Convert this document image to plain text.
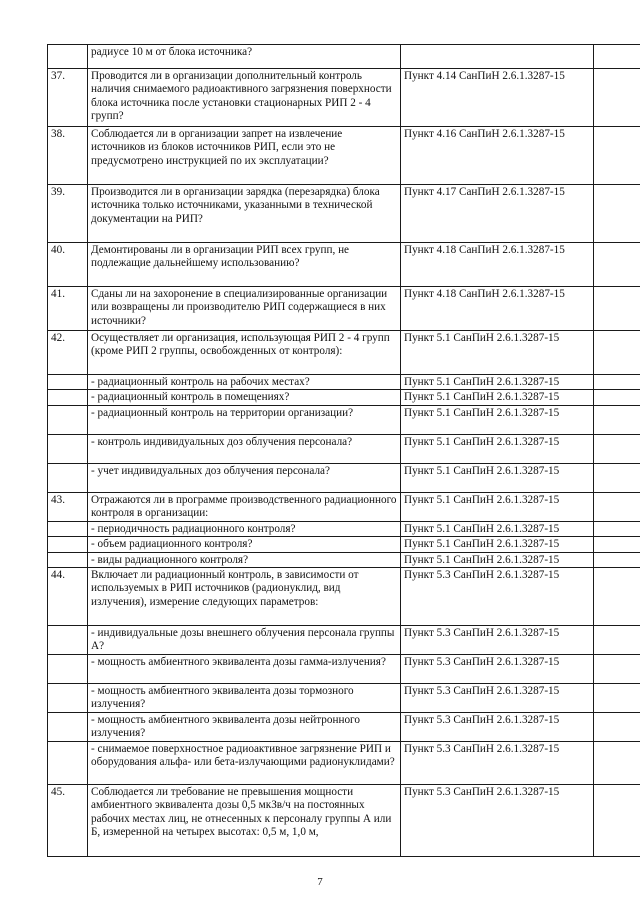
	радиусе 10 м от блока источника?		
37.	Проводится ли в организации дополнительный контроль наличия снимаемого радиоактивного загрязнения поверхности блока источника после установки стационарных РИП 2 - 4 групп?	Пункт 4.14 СанПиН 2.6.1.3287-15	
38.	Соблюдается ли в организации запрет на извлечение источников из блоков источников РИП, если это не предусмотрено инструкцией по их эксплуатации?	Пункт 4.16 СанПиН 2.6.1.3287-15	
39.	Производится ли в организации зарядка (перезарядка) блока источника только источниками, указанными в технической документации на РИП?	Пункт 4.17 СанПиН 2.6.1.3287-15	
40.	Демонтированы ли в организации РИП всех групп, не подлежащие дальнейшему использованию?	Пункт 4.18 СанПиН 2.6.1.3287-15	
41.	Сданы ли на захоронение в специализированные организации или возвращены ли производителю РИП содержащиеся в них источники?	Пункт 4.18 СанПиН 2.6.1.3287-15	
42.	Осуществляет ли организация, использующая РИП 2 - 4 групп (кроме РИП 2 группы, освобожденных от контроля):	Пункт 5.1 СанПиН 2.6.1.3287-15	
	- радиационный контроль на рабочих местах?	Пункт 5.1 СанПиН 2.6.1.3287-15	
	- радиационный контроль в помещениях?	Пункт 5.1 СанПиН 2.6.1.3287-15	
	- радиационный контроль на территории организации?	Пункт 5.1 СанПиН 2.6.1.3287-15	
	- контроль индивидуальных доз облучения персонала?	Пункт 5.1 СанПиН 2.6.1.3287-15	
	- учет индивидуальных доз облучения персонала?	Пункт 5.1 СанПиН 2.6.1.3287-15	
43.	Отражаются ли в программе производственного радиационного контроля в организации:	Пункт 5.1 СанПиН 2.6.1.3287-15	
	- периодичность радиационного контроля?	Пункт 5.1 СанПиН 2.6.1.3287-15	
	- объем радиационного контроля?	Пункт 5.1 СанПиН 2.6.1.3287-15	
	- виды радиационного контроля?	Пункт 5.1 СанПиН 2.6.1.3287-15	
44.	Включает ли радиационный контроль, в зависимости от используемых в РИП источников (радионуклид, вид излучения), измерение следующих параметров:	Пункт 5.3 СанПиН 2.6.1.3287-15	
	- индивидуальные дозы внешнего облучения персонала группы А?	Пункт 5.3 СанПиН 2.6.1.3287-15	
	- мощность амбиентного эквивалента дозы гамма-излучения?	Пункт 5.3 СанПиН 2.6.1.3287-15	
	- мощность амбиентного эквивалента дозы тормозного излучения?	Пункт 5.3 СанПиН 2.6.1.3287-15	
	- мощность амбиентного эквивалента дозы нейтронного излучения?	Пункт 5.3 СанПиН 2.6.1.3287-15	
	- снимаемое поверхностное радиоактивное загрязнение РИП и оборудования альфа- или бета-излучающими радионуклидами?	Пункт 5.3 СанПиН 2.6.1.3287-15	
45.	Соблюдается ли требование не превышения мощности амбиентного эквивалента дозы 0,5 мкЗв/ч на постоянных рабочих местах лиц, не отнесенных к персоналу группы А или Б, измеренной на четырех высотах: 0,5 м, 1,0 м,	Пункт 5.3 СанПиН 2.6.1.3287-15	
7
